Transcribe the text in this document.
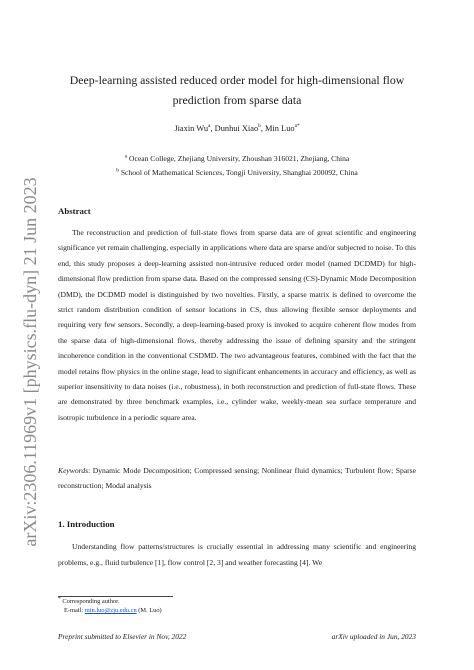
arXiv:2306.11969v1 [physics.flu-dyn] 21 Jun 2023
Deep-learning assisted reduced order model for high-dimensional flow
prediction from sparse data
Jiaxin Wu$^a$, Dunhui Xiao$^b$, Min Luo$^{a*}$
$^a$ Ocean College, Zhejiang University, Zhoushan 316021, Zhejiang, China
$^b$ School of Mathematical Sciences, Tongji University, Shanghai 200092, China
Abstract
The reconstruction and prediction of full-state flows from sparse data are of great scientific and engineering significance yet remain challenging, especially in applications where data are sparse and/or subjected to noise. To this end, this study proposes a deep-learning assisted non-intrusive reduced order model (named DCDMD) for high-dimensional flow prediction from sparse data. Based on the compressed sensing (CS)-Dynamic Mode Decomposition (DMD), the DCDMD model is distinguished by two novelties. Firstly, a sparse matrix is defined to overcome the strict random distribution condition of sensor locations in CS, thus allowing flexible sensor deployments and requiring very few sensors. Secondly, a deep-learning-based proxy is invoked to acquire coherent flow modes from the sparse data of high-dimensional flows, thereby addressing the issue of defining sparsity and the stringent incoherence condition in the conventional CSDMD. The two advantageous features, combined with the fact that the model retains flow physics in the online stage, lead to significant enhancements in accuracy and efficiency, as well as superior insensitivity to data noises (i.e., robustness), in both reconstruction and prediction of full-state flows. These are demonstrated by three benchmark examples, i.e., cylinder wake, weekly-mean sea surface temperature and isotropic turbulence in a periodic square area.
Keywords: Dynamic Mode Decomposition; Compressed sensing; Nonlinear fluid dynamics; Turbulent flow; Sparse reconstruction; Modal analysis
1. Introduction
Understanding flow patterns/structures is crucially essential in addressing many scientific and engineering problems, e.g., fluid turbulence [1], flow control [2, 3] and weather forecasting [4]. We
* Corresponding author.
E-mail: min.luo@zju.edu.cn (M. Luo)
Preprint submitted to Elsevier in Nov, 2022	arXiv uploaded in Jun, 2023
